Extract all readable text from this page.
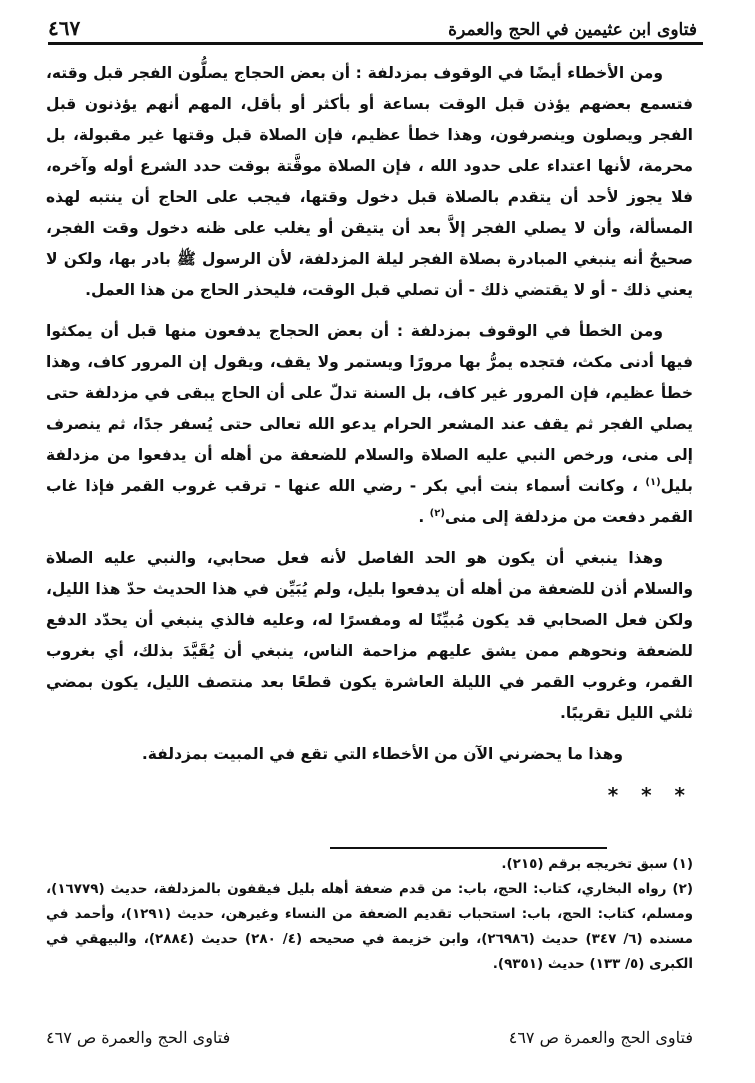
فتاوى ابن عثيمين في الحج والعمرة
٤٦٧

ومن الأخطاء أيضًا في الوقوف بمزدلفة : أن بعض الحجاج يصلُّون الفجر قبل وقته، فتسمع بعضهم يؤذن قبل الوقت بساعة أو بأكثر أو بأقل، المهم أنهم يؤذنون قبل الفجر ويصلون وينصرفون، وهذا خطأ عظيم، فإن الصلاة قبل وقتها غير مقبولة، بل محرمة، لأنها اعتداء على حدود الله ، فإن الصلاة موقَّتة بوقت حدد الشرع أوله وآخره، فلا يجوز لأحد أن يتقدم بالصلاة قبل دخول وقتها، فيجب على الحاج أن ينتبه لهذه المسألة، وأن لا يصلي الفجر إلاَّ بعد أن يتيقن أو يغلب على ظنه دخول وقت الفجر، صحيحٌ أنه ينبغي المبادرة بصلاة الفجر ليلة المزدلفة، لأن الرسول ﷺ بادر بها، ولكن لا يعني ذلك - أو لا يقتضي ذلك - أن تصلي قبل الوقت، فليحذر الحاج من هذا العمل.

ومن الخطأ في الوقوف بمزدلفة : أن بعض الحجاج يدفعون منها قبل أن يمكثوا فيها أدنى مكث، فتجده يمرُّ بها مرورًا ويستمر ولا يقف، ويقول إن المرور كاف، وهذا خطأ عظيم، فإن المرور غير كاف، بل السنة تدلّ على أن الحاج يبقى في مزدلفة حتى يصلي الفجر ثم يقف عند المشعر الحرام يدعو الله تعالى حتى يُسفر جدًا، ثم ينصرف إلى منى، ورخص النبي عليه الصلاة والسلام للضعفة من أهله أن يدفعوا من مزدلفة بليل$^{(١)}$ ، وكانت أسماء بنت أبي بكر - رضي الله عنها - ترقب غروب القمر فإذا غاب القمر دفعت من مزدلفة إلى منى$^{(٢)}$ .

وهذا ينبغي أن يكون هو الحد الفاصل لأنه فعل صحابي، والنبي عليه الصلاة والسلام أذن للضعفة من أهله أن يدفعوا بليل، ولم يُبَيِّن في هذا الحديث حدّ هذا الليل، ولكن فعل الصحابي قد يكون مُبيِّنًا له ومفسرًا له، وعليه فالذي ينبغي أن يحدّد الدفع للضعفة ونحوهم ممن يشق عليهم مزاحمة الناس، ينبغي أن يُقَيَّدَ بذلك، أي بغروب القمر، وغروب القمر في الليلة العاشرة يكون قطعًا بعد منتصف الليل، يكون بمضي ثلثي الليل تقريبًا.

وهذا ما يحضرني الآن من الأخطاء التي تقع في المبيت بمزدلفة.

* * *

(١) سبق تخريجه برقم (٢١٥).

(٢) رواه البخاري، كتاب: الحج، باب: من قدم ضعفة أهله بليل فيقفون بالمزدلفة، حديث (١٦٧٧٩)، ومسلم، كتاب: الحج، باب: استحباب تقديم الضعفة من النساء وغيرهن، حديث (١٢٩١)، وأحمد في مسنده (٦/ ٣٤٧) حديث (٢٦٩٨٦)، وابن خزيمة في صحيحه (٤/ ٢٨٠) حديث (٢٨٨٤)، والبيهقي في الكبرى (٥/ ١٣٣) حديث (٩٣٥١).

فتاوى الحج والعمرة ص ٤٦٧
فتاوى الحج والعمرة ص ٤٦٧
